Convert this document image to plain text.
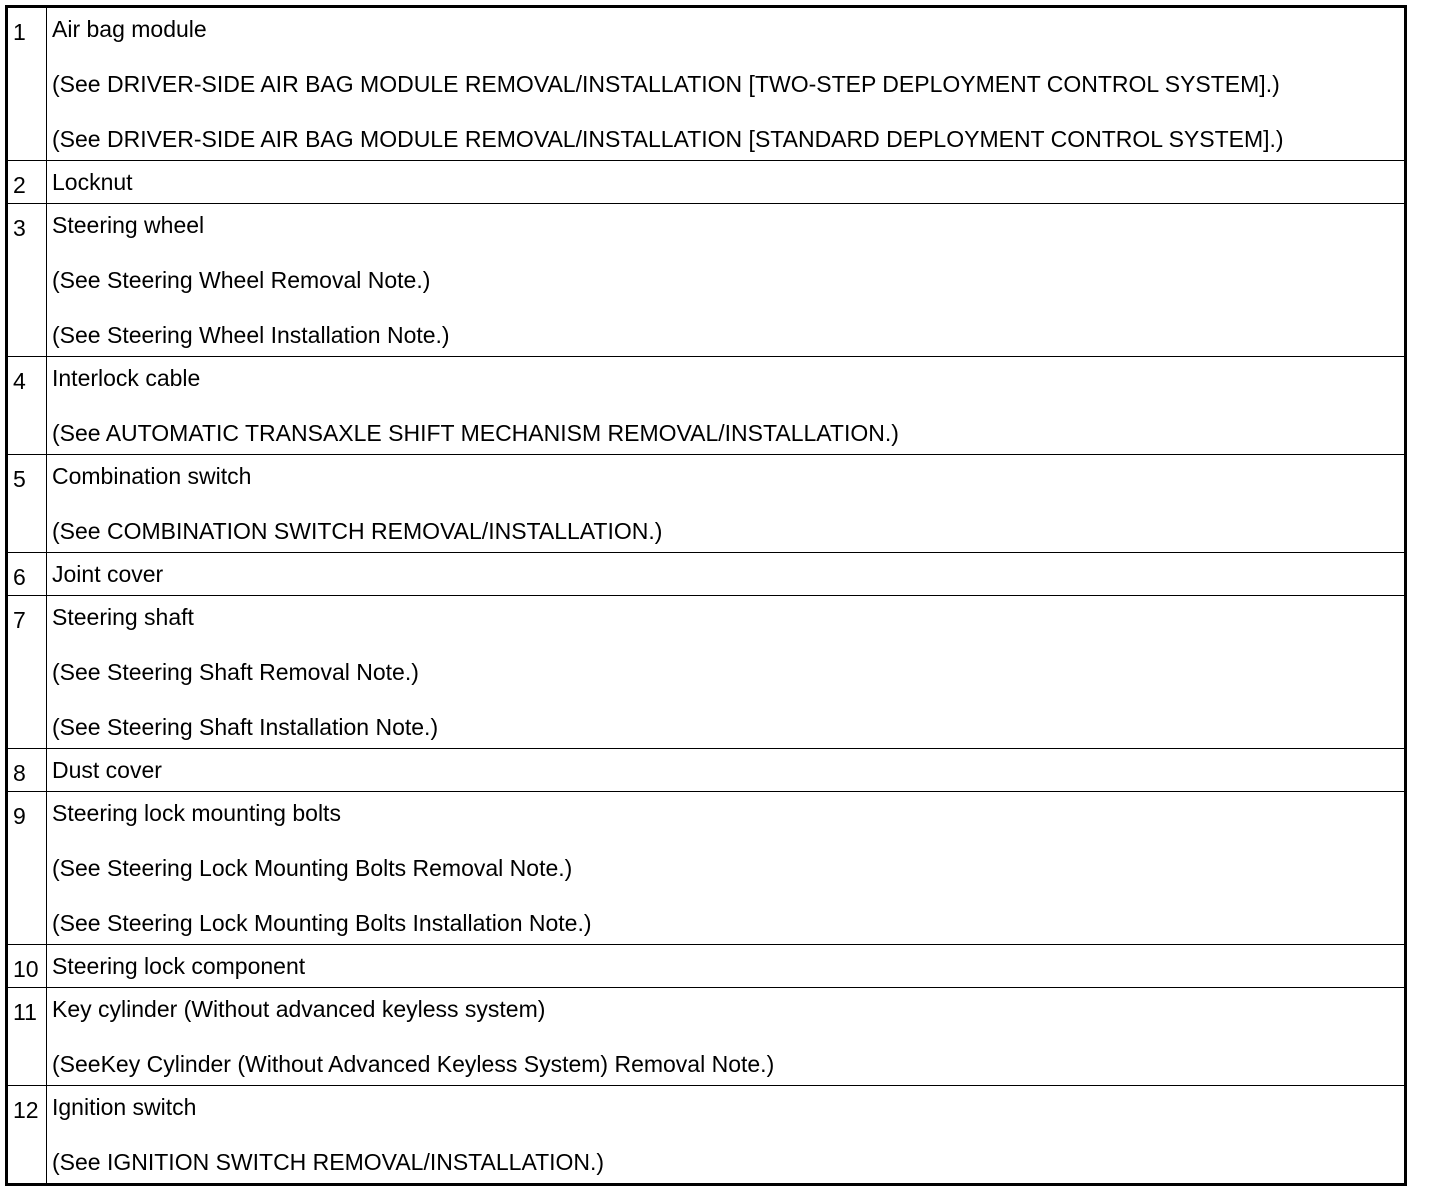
1	Air bag module
(See DRIVER-SIDE AIR BAG MODULE REMOVAL/INSTALLATION [TWO-STEP DEPLOYMENT CONTROL SYSTEM].)
(See DRIVER-SIDE AIR BAG MODULE REMOVAL/INSTALLATION [STANDARD DEPLOYMENT CONTROL SYSTEM].)

2	Locknut

3	Steering wheel
(See Steering Wheel Removal Note.)
(See Steering Wheel Installation Note.)

4	Interlock cable
(See AUTOMATIC TRANSAXLE SHIFT MECHANISM REMOVAL/INSTALLATION.)

5	Combination switch
(See COMBINATION SWITCH REMOVAL/INSTALLATION.)

6	Joint cover

7	Steering shaft
(See Steering Shaft Removal Note.)
(See Steering Shaft Installation Note.)

8	Dust cover

9	Steering lock mounting bolts
(See Steering Lock Mounting Bolts Removal Note.)
(See Steering Lock Mounting Bolts Installation Note.)

10	Steering lock component

11	Key cylinder (Without advanced keyless system)
(SeeKey Cylinder (Without Advanced Keyless System) Removal Note.)

12	Ignition switch
(See IGNITION SWITCH REMOVAL/INSTALLATION.)
